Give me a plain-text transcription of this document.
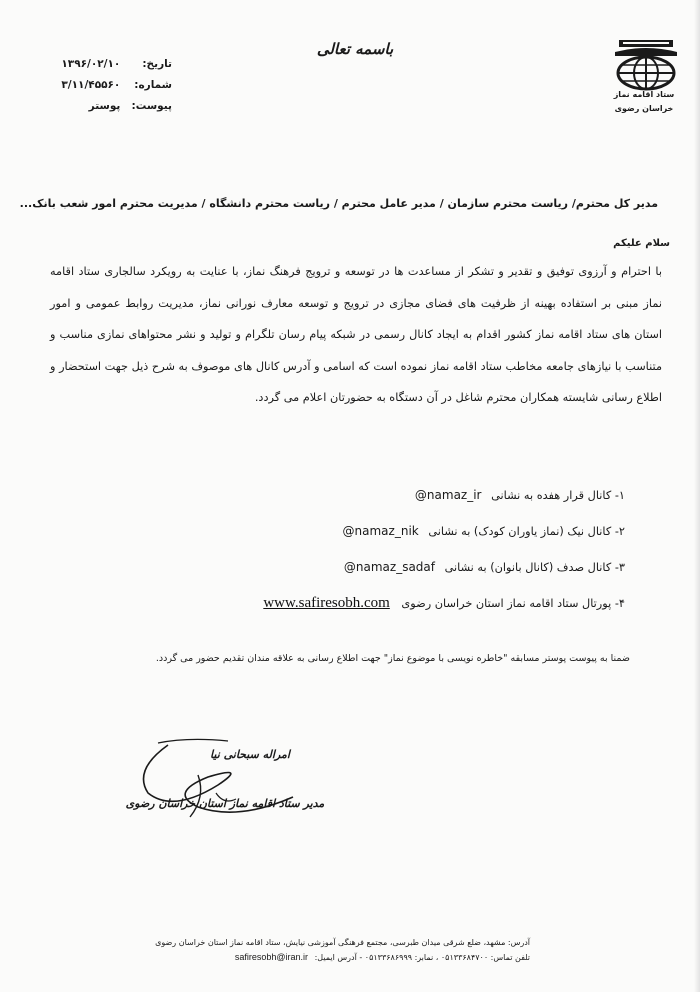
باسمه تعالی
ستاد اقامه نماز
خراسان رضوی
تاریخ: ۱۳۹۶/۰۲/۱۰
شماره: ۳/۱۱/۴۵۵۶۰
پیوست: پوستر
مدیر کل محترم/ ریاست محترم سازمان / مدیر عامل محترم / ریاست محترم دانشگاه / مدیریت محترم امور شعب بانک...
سلام علیکم
با احترام و آرزوی توفیق و تقدیر و تشکر از مساعدت ها در توسعه و ترویج فرهنگ نماز، با عنایت به رویکرد سالجاری ستاد اقامه نماز مبنی بر استفاده بهینه از ظرفیت های فضای مجازی در ترویج و توسعه معارف نورانی نماز، مدیریت روابط عمومی و امور استان های ستاد اقامه نماز کشور اقدام به ایجاد کانال رسمی در شبکه پیام رسان تلگرام و تولید و نشر محتواهای نمازی مناسب و متناسب با نیازهای جامعه مخاطب ستاد اقامه نماز نموده است که اسامی و آدرس کانال های موصوف به شرح ذیل جهت استحضار و اطلاع رسانی شایسته همکاران محترم شاغل در آن دستگاه به حضورتان اعلام می گردد.
۱- کانال قرار هفده به نشانی @namaz_ir
۲- کانال نیک (نماز یاوران کودک) به نشانی @namaz_nik
۳- کانال صدف (کانال بانوان) به نشانی @namaz_sadaf
۴- پورتال ستاد اقامه نماز استان خراسان رضوی www.safiresobh.com
ضمنا به پیوست پوستر مسابقه "خاطره نویسی با موضوع نماز" جهت اطلاع رسانی به علاقه مندان تقدیم حضور می گردد.
امراله سبحانی نیا
مدیر ستاد اقامه نماز استان خراسان رضوی
آدرس: مشهد، ضلع شرقی میدان طبرسی، مجتمع فرهنگی آموزشی نیایش، ستاد اقامه نماز استان خراسان رضوی
تلفن تماس: ۰۵۱۳۳۶۸۴۷۰۰ ، نمابر: ۰۵۱۳۳۶۸۶۹۹۹ - آدرس ایمیل: safiresobh@iran.ir
